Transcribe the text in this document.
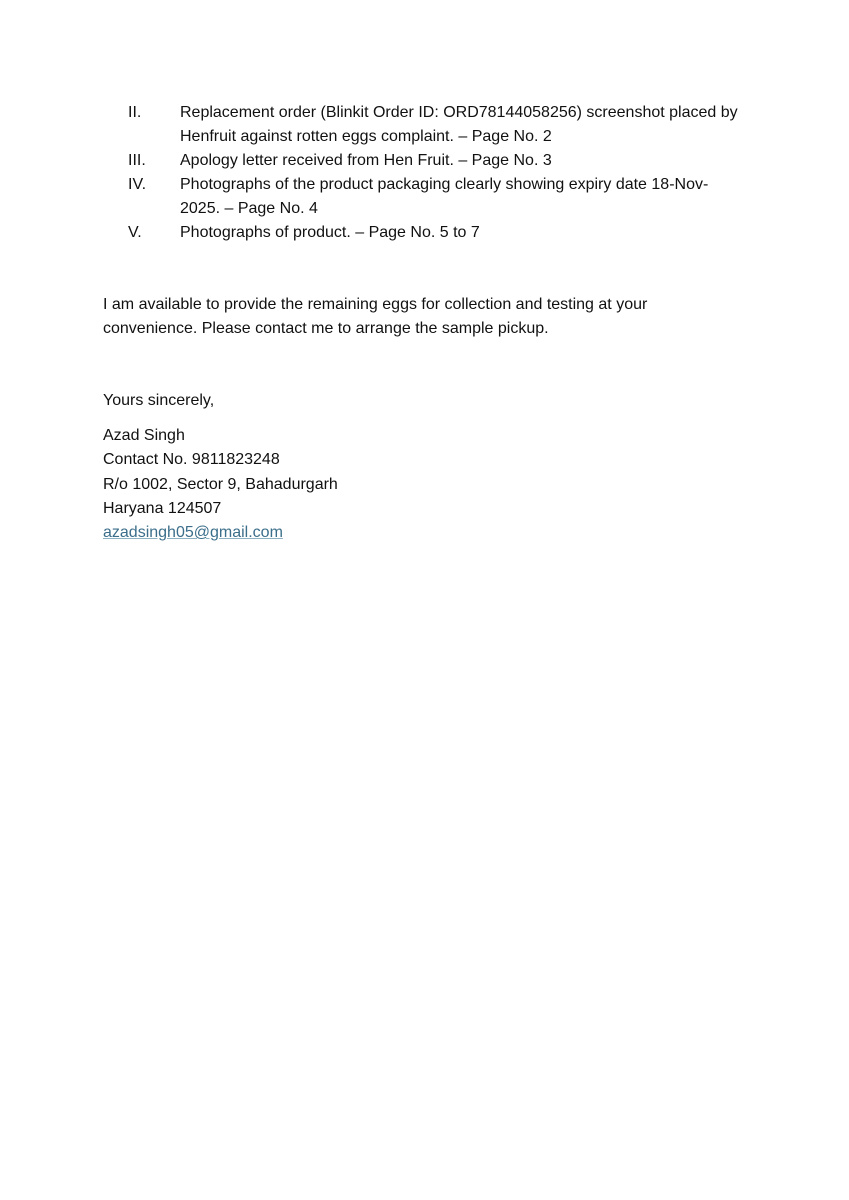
II.	Replacement order (Blinkit Order ID: ORD78144058256) screenshot placed by Henfruit against rotten eggs complaint. – Page No. 2
III.	Apology letter received from Hen Fruit. – Page No. 3
IV.	Photographs of the product packaging clearly showing expiry date 18-Nov-2025. – Page No. 4
V.	Photographs of product. – Page No. 5 to 7

I am available to provide the remaining eggs for collection and testing at your convenience. Please contact me to arrange the sample pickup.

Yours sincerely,

Azad Singh
Contact No. 9811823248
R/o 1002, Sector 9, Bahadurgarh
Haryana 124507
azadsingh05@gmail.com
